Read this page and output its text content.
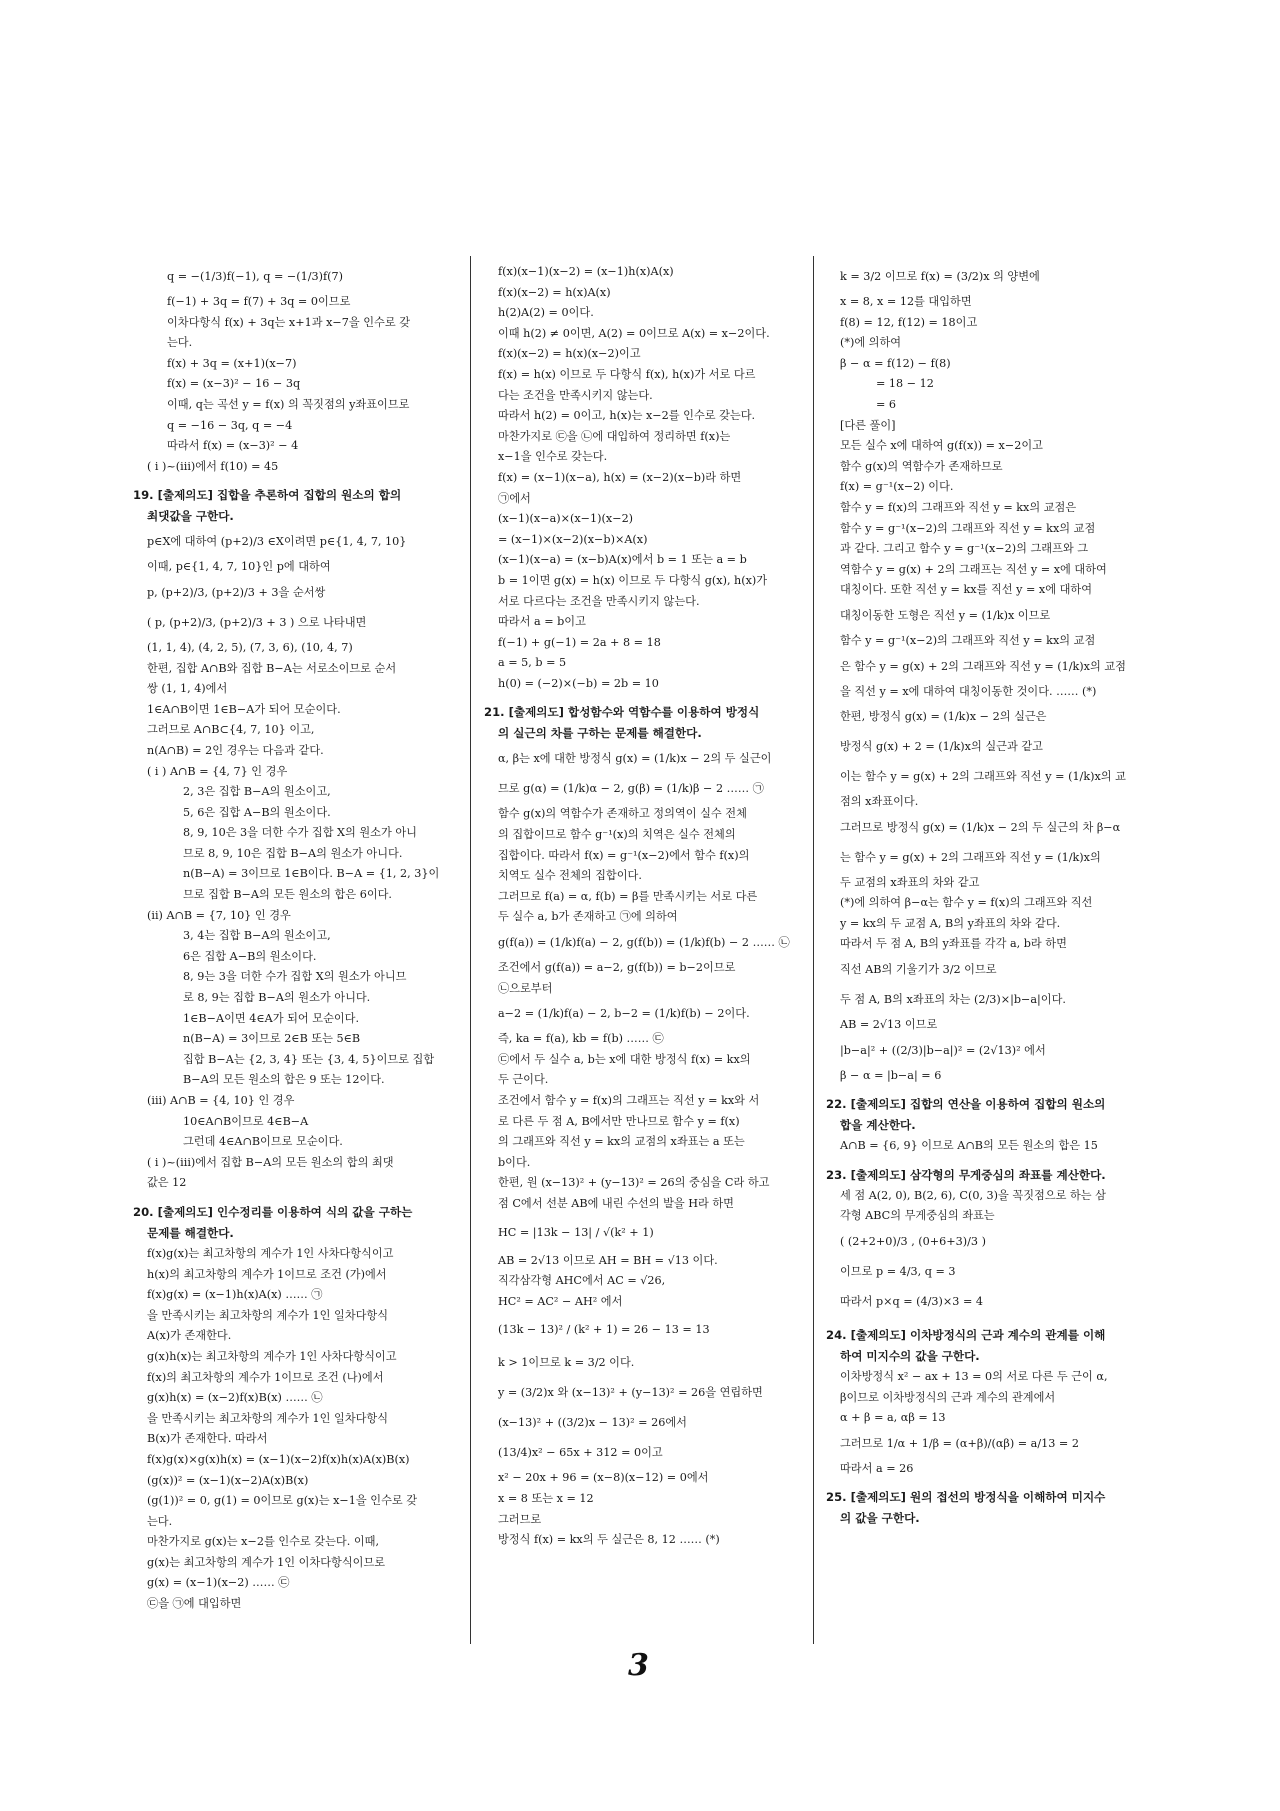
q = −(1/3)f(−1), q = −(1/3)f(7)
f(−1) + 3q = f(7) + 3q = 0이므로
이차다항식 f(x) + 3q는 x+1과 x−7을 인수로 갖
는다.
f(x) + 3q = (x+1)(x−7)
f(x) = (x−3)² − 16 − 3q
이때, q는 곡선 y = f(x) 의 꼭짓점의 y좌표이므로
q = −16 − 3q, q = −4
따라서 f(x) = (x−3)² − 4
( i )~(iii)에서 f(10) = 45
19. [출제의도] 집합을 추론하여 집합의 원소의 합의
최댓값을 구한다.
p∈X에 대하여 (p+2)/3 ∈X이려면 p∈{1, 4, 7, 10}
이때, p∈{1, 4, 7, 10}인 p에 대하여
p, (p+2)/3, (p+2)/3 + 3을 순서쌍
( p, (p+2)/3, (p+2)/3 + 3 ) 으로 나타내면
(1, 1, 4), (4, 2, 5), (7, 3, 6), (10, 4, 7)
한편, 집합 A∩B와 집합 B−A는 서로소이므로 순서
쌍 (1, 1, 4)에서
1∈A∩B이면 1∈B−A가 되어 모순이다.
그러므로 A∩B⊂{4, 7, 10} 이고,
n(A∩B) = 2인 경우는 다음과 같다.
( i ) A∩B = {4, 7} 인 경우
2, 3은 집합 B−A의 원소이고,
5, 6은 집합 A−B의 원소이다.
8, 9, 10은 3을 더한 수가 집합 X의 원소가 아니
므로 8, 9, 10은 집합 B−A의 원소가 아니다.
n(B−A) = 3이므로 1∈B이다. B−A = {1, 2, 3}이
므로 집합 B−A의 모든 원소의 합은 6이다.
(ii) A∩B = {7, 10} 인 경우
3, 4는 집합 B−A의 원소이고,
6은 집합 A−B의 원소이다.
8, 9는 3을 더한 수가 집합 X의 원소가 아니므
로 8, 9는 집합 B−A의 원소가 아니다.
1∈B−A이면 4∈A가 되어 모순이다.
n(B−A) = 3이므로 2∈B 또는 5∈B
집합 B−A는 {2, 3, 4} 또는 {3, 4, 5}이므로 집합
B−A의 모든 원소의 합은 9 또는 12이다.
(iii) A∩B = {4, 10} 인 경우
10∈A∩B이므로 4∈B−A
그런데 4∈A∩B이므로 모순이다.
( i )~(iii)에서 집합 B−A의 모든 원소의 합의 최댓
값은 12
20. [출제의도] 인수정리를 이용하여 식의 값을 구하는
문제를 해결한다.
f(x)g(x)는 최고차항의 계수가 1인 사차다항식이고
h(x)의 최고차항의 계수가 1이므로 조건 (가)에서
f(x)g(x) = (x−1)h(x)A(x) …… ㉠
을 만족시키는 최고차항의 계수가 1인 일차다항식
A(x)가 존재한다.
g(x)h(x)는 최고차항의 계수가 1인 사차다항식이고
f(x)의 최고차항의 계수가 1이므로 조건 (나)에서
g(x)h(x) = (x−2)f(x)B(x) …… ㉡
을 만족시키는 최고차항의 계수가 1인 일차다항식
B(x)가 존재한다. 따라서
f(x)g(x)×g(x)h(x) = (x−1)(x−2)f(x)h(x)A(x)B(x)
(g(x))² = (x−1)(x−2)A(x)B(x)
(g(1))² = 0, g(1) = 0이므로 g(x)는 x−1을 인수로 갖
는다.
마찬가지로 g(x)는 x−2를 인수로 갖는다. 이때,
g(x)는 최고차항의 계수가 1인 이차다항식이므로
g(x) = (x−1)(x−2) …… ㉢
㉢을 ㉠에 대입하면
f(x)(x−1)(x−2) = (x−1)h(x)A(x)
f(x)(x−2) = h(x)A(x)
h(2)A(2) = 0이다.
이때 h(2) ≠ 0이면, A(2) = 0이므로 A(x) = x−2이다.
f(x)(x−2) = h(x)(x−2)이고
f(x) = h(x) 이므로 두 다항식 f(x), h(x)가 서로 다르
다는 조건을 만족시키지 않는다.
따라서 h(2) = 0이고, h(x)는 x−2를 인수로 갖는다.
마찬가지로 ㉢을 ㉡에 대입하여 정리하면 f(x)는
x−1을 인수로 갖는다.
f(x) = (x−1)(x−a), h(x) = (x−2)(x−b)라 하면
㉠에서
(x−1)(x−a)×(x−1)(x−2)
= (x−1)×(x−2)(x−b)×A(x)
(x−1)(x−a) = (x−b)A(x)에서 b = 1 또는 a = b
b = 1이면 g(x) = h(x) 이므로 두 다항식 g(x), h(x)가
서로 다르다는 조건을 만족시키지 않는다.
따라서 a = b이고
f(−1) + g(−1) = 2a + 8 = 18
a = 5, b = 5
h(0) = (−2)×(−b) = 2b = 10
21. [출제의도] 합성함수와 역함수를 이용하여 방정식
의 실근의 차를 구하는 문제를 해결한다.
α, β는 x에 대한 방정식 g(x) = (1/k)x − 2의 두 실근이
므로 g(α) = (1/k)α − 2, g(β) = (1/k)β − 2 …… ㉠
함수 g(x)의 역함수가 존재하고 정의역이 실수 전체
의 집합이므로 함수 g⁻¹(x)의 치역은 실수 전체의
집합이다. 따라서 f(x) = g⁻¹(x−2)에서 함수 f(x)의
치역도 실수 전체의 집합이다.
그러므로 f(a) = α, f(b) = β를 만족시키는 서로 다른
두 실수 a, b가 존재하고 ㉠에 의하여
g(f(a)) = (1/k)f(a) − 2, g(f(b)) = (1/k)f(b) − 2 …… ㉡
조건에서 g(f(a)) = a−2, g(f(b)) = b−2이므로
㉡으로부터
a−2 = (1/k)f(a) − 2, b−2 = (1/k)f(b) − 2이다.
즉, ka = f(a), kb = f(b) …… ㉢
㉢에서 두 실수 a, b는 x에 대한 방정식 f(x) = kx의
두 근이다.
조건에서 함수 y = f(x)의 그래프는 직선 y = kx와 서
로 다른 두 점 A, B에서만 만나므로 함수 y = f(x)
의 그래프와 직선 y = kx의 교점의 x좌표는 a 또는
b이다.
한편, 원 (x−13)² + (y−13)² = 26의 중심을 C라 하고
점 C에서 선분 AB에 내린 수선의 발을 H라 하면
HC = |13k − 13| / √(k² + 1)
AB = 2√13 이므로 AH = BH = √13 이다.
직각삼각형 AHC에서 AC = √26,
HC² = AC² − AH² 에서
(13k − 13)² / (k² + 1) = 26 − 13 = 13
k > 1이므로 k = 3/2 이다.
y = (3/2)x 와 (x−13)² + (y−13)² = 26을 연립하면
(x−13)² + ((3/2)x − 13)² = 26에서
(13/4)x² − 65x + 312 = 0이고
x² − 20x + 96 = (x−8)(x−12) = 0에서
x = 8 또는 x = 12
그러므로
방정식 f(x) = kx의 두 실근은 8, 12 …… (*)
k = 3/2 이므로 f(x) = (3/2)x 의 양변에
x = 8, x = 12를 대입하면
f(8) = 12, f(12) = 18이고
(*)에 의하여
β − α = f(12) − f(8)
= 18 − 12
= 6
[다른 풀이]
모든 실수 x에 대하여 g(f(x)) = x−2이고
함수 g(x)의 역함수가 존재하므로
f(x) = g⁻¹(x−2) 이다.
함수 y = f(x)의 그래프와 직선 y = kx의 교점은
함수 y = g⁻¹(x−2)의 그래프와 직선 y = kx의 교점
과 같다. 그리고 함수 y = g⁻¹(x−2)의 그래프와 그
역함수 y = g(x) + 2의 그래프는 직선 y = x에 대하여
대칭이다. 또한 직선 y = kx를 직선 y = x에 대하여
대칭이동한 도형은 직선 y = (1/k)x 이므로
함수 y = g⁻¹(x−2)의 그래프와 직선 y = kx의 교점
은 함수 y = g(x) + 2의 그래프와 직선 y = (1/k)x의 교점
을 직선 y = x에 대하여 대칭이동한 것이다. …… (*)
한편, 방정식 g(x) = (1/k)x − 2의 실근은
방정식 g(x) + 2 = (1/k)x의 실근과 같고
이는 함수 y = g(x) + 2의 그래프와 직선 y = (1/k)x의 교
점의 x좌표이다.
그러므로 방정식 g(x) = (1/k)x − 2의 두 실근의 차 β−α
는 함수 y = g(x) + 2의 그래프와 직선 y = (1/k)x의
두 교점의 x좌표의 차와 같고
(*)에 의하여 β−α는 함수 y = f(x)의 그래프와 직선
y = kx의 두 교점 A, B의 y좌표의 차와 같다.
따라서 두 점 A, B의 y좌표를 각각 a, b라 하면
직선 AB의 기울기가 3/2 이므로
두 점 A, B의 x좌표의 차는 (2/3)×|b−a|이다.
AB = 2√13 이므로
|b−a|² + ((2/3)|b−a|)² = (2√13)² 에서
β − α = |b−a| = 6
22. [출제의도] 집합의 연산을 이용하여 집합의 원소의
합을 계산한다.
A∩B = {6, 9} 이므로 A∩B의 모든 원소의 합은 15
23. [출제의도] 삼각형의 무게중심의 좌표를 계산한다.
세 점 A(2, 0), B(2, 6), C(0, 3)을 꼭짓점으로 하는 삼
각형 ABC의 무게중심의 좌표는
( (2+2+0)/3 , (0+6+3)/3 )
이므로 p = 4/3, q = 3
따라서 p×q = (4/3)×3 = 4
24. [출제의도] 이차방정식의 근과 계수의 관계를 이해
하여 미지수의 값을 구한다.
이차방정식 x² − ax + 13 = 0의 서로 다른 두 근이 α,
β이므로 이차방정식의 근과 계수의 관계에서
α + β = a, αβ = 13
그러므로 1/α + 1/β = (α+β)/(αβ) = a/13 = 2
따라서 a = 26
25. [출제의도] 원의 접선의 방정식을 이해하여 미지수
의 값을 구한다.
3
